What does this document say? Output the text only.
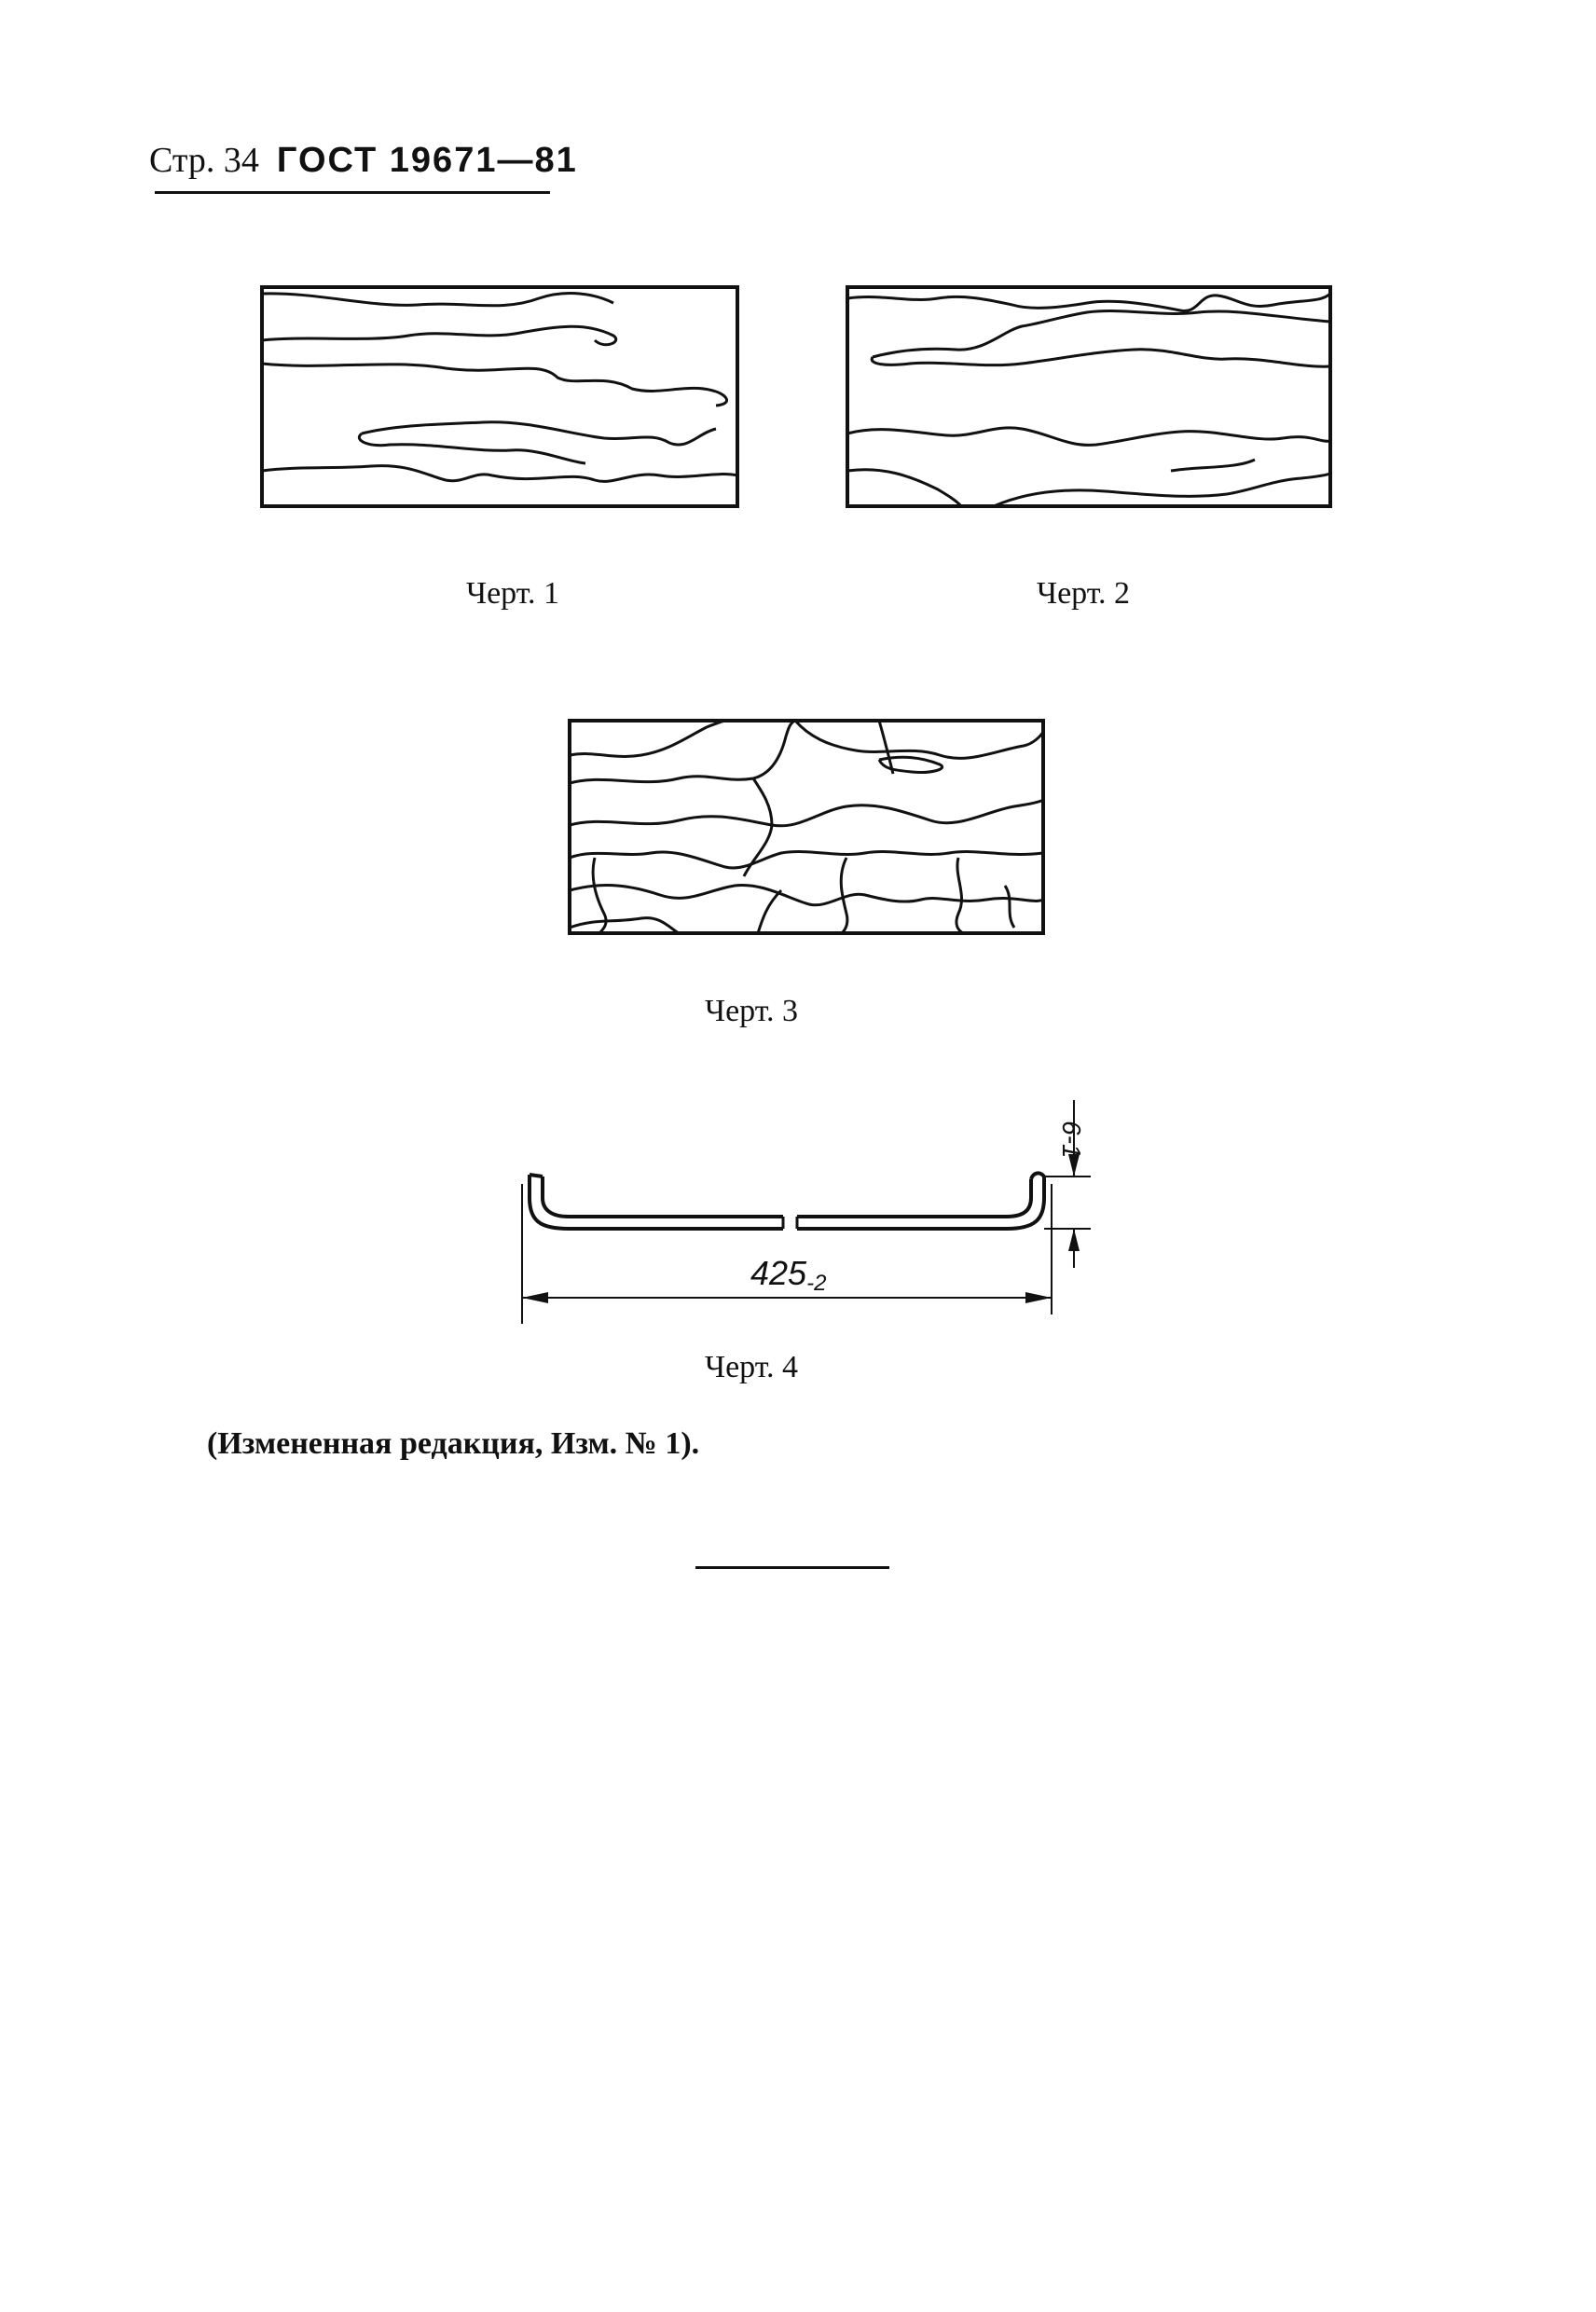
Стр. 34 ГОСТ 19671—81
Черт. 1	Черт. 2
Черт. 3
425-2
6-1
Черт. 4
(Измененная редакция, Изм. № 1).
